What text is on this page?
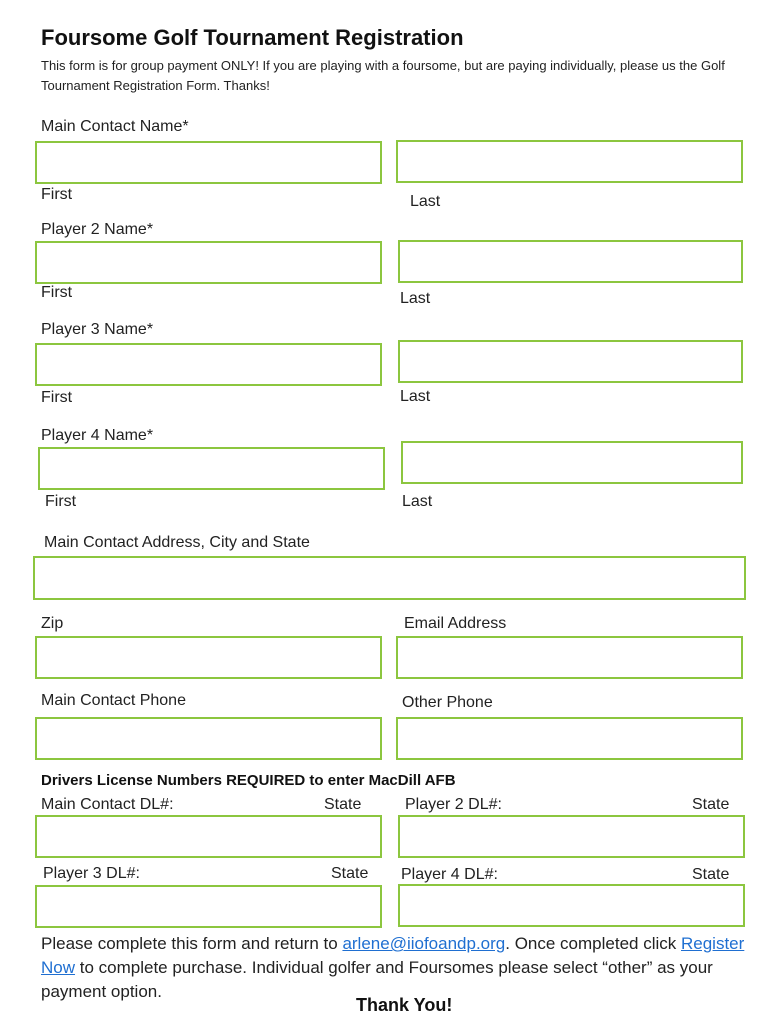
Foursome Golf Tournament Registration
This form is for group payment ONLY! If you are playing with a foursome, but are paying individually, please us the Golf Tournament Registration Form. Thanks!
Main Contact Name*
First	Last
Player 2 Name*
First	Last
Player 3 Name*
First	Last
Player 4 Name*
First	Last
Main Contact Address, City and State
Zip	Email Address
Main Contact Phone	Other Phone
Drivers License Numbers REQUIRED to enter MacDill AFB
Main Contact DL#:	State	Player 2 DL#:	State
Player 3 DL#:	State Player 4 DL#:	State
Please complete this form and return to arlene@iiofoandp.org. Once completed click Register Now to complete purchase. Individual golfer and Foursomes please select “other” as your payment option.
Thank You!
